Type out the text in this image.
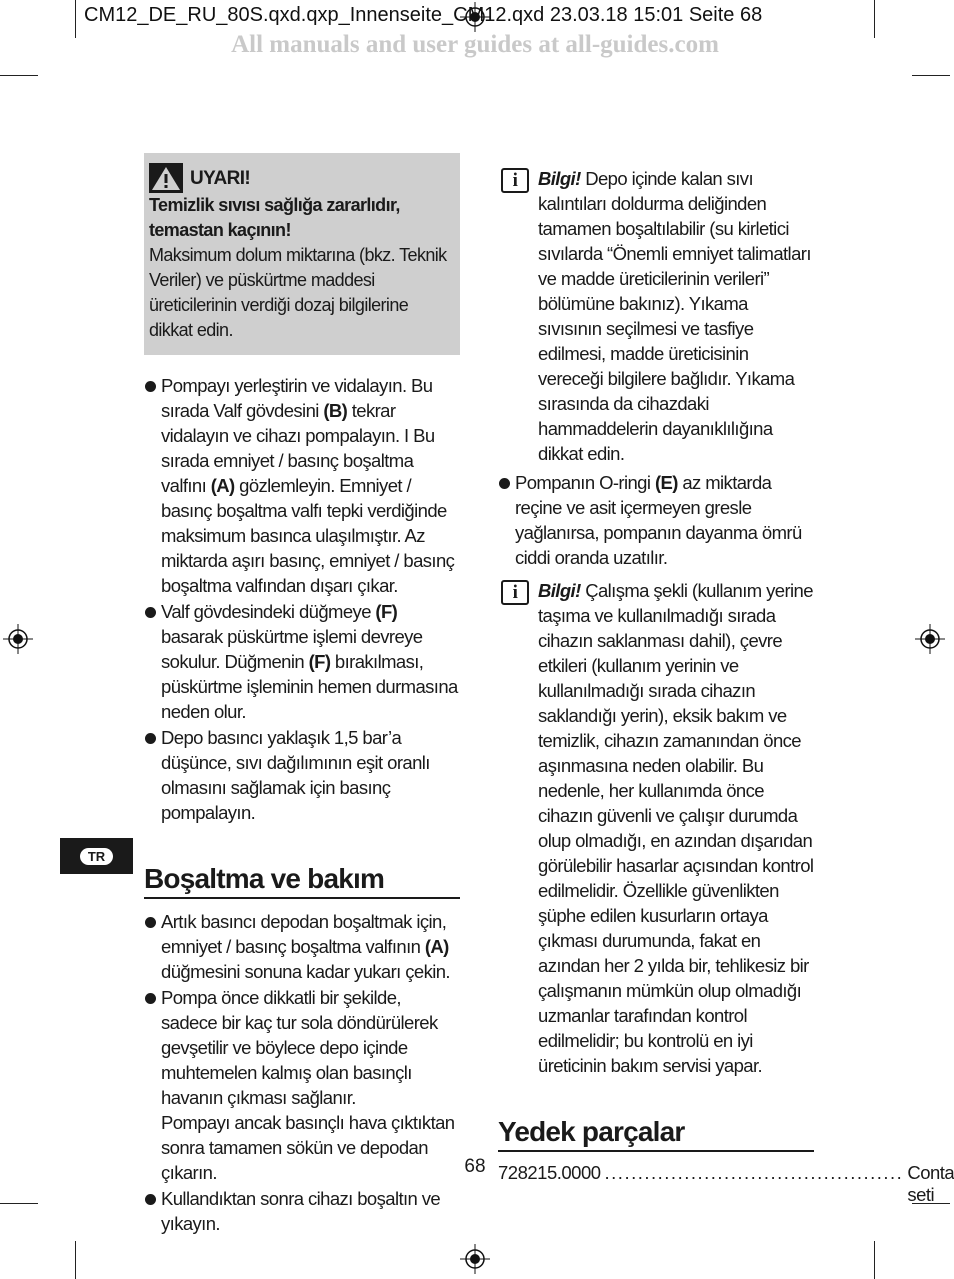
CM12_DE_RU_80S.qxd.qxp_Innenseite_CM12.qxd 23.03.18 15:01 Seite 68
All manuals and user guides at all-guides.com
UYARI!
Temizlik sıvısı sağlığa zararlıdır, temastan kaçının!
Maksimum dolum miktarına (bkz. Teknik Veriler) ve püskürtme maddesi üreticilerinin verdiği dozaj bilgilerine dikkat edin.
Pompayı yerleştirin ve vidalayın. Bu sırada Valf gövdesini (B) tekrar vidalayın ve cihazı pompalayın. I Bu sırada emniyet / basınç boşaltma valfını (A) gözlemleyin. Emniyet / basınç boşaltma valfı tepki verdiğinde maksimum basınca ulaşılmıştır. Az miktarda aşırı basınç, emniyet / basınç boşaltma valfından dışarı çıkar.
Valf gövdesindeki düğmeye (F) basarak püskürtme işlemi devreye sokulur. Düğmenin (F) bırakılması, püskürtme işleminin hemen durmasına neden olur.
Depo basıncı yaklaşık 1,5 bar’a düşünce, sıvı dağılımının eşit oranlı olmasını sağlamak için basınç pompalayın.
Boşaltma ve bakım
Artık basıncı depodan boşaltmak için, emniyet / basınç boşaltma valfının (A) düğmesini sonuna kadar yukarı çekin.
Pompa önce dikkatli bir şekilde, sadece bir kaç tur sola döndürülerek gevşetilir ve böylece depo içinde muhtemelen kalmış olan basınçlı havanın çıkması sağlanır.
Pompayı ancak basınçlı hava çıktıktan sonra tamamen sökün ve depodan çıkarın.
Kullandıktan sonra cihazı boşaltın ve yıkayın.
i	Bilgi! Depo içinde kalan sıvı kalıntıları doldurma deliğinden tamamen boşaltılabilir (su kirletici sıvılarda “Önemli emniyet talimatları ve madde üreticilerinin verileri” bölümüne bakınız). Yıkama sıvısının seçilmesi ve tasfiye edilmesi, madde üreticisinin vereceği bilgilere bağlıdır. Yıkama sırasında da cihazdaki hammaddelerin dayanıklılığına dikkat edin.
Pompanın O-ringi (E) az miktarda reçine ve asit içermeyen gresle yağlanırsa, pompanın dayanma ömrü ciddi oranda uzatılır.
i	Bilgi! Çalışma şekli (kullanım yerine taşıma ve kullanılmadığı sırada cihazın saklanması dahil), çevre etkileri (kullanım yerinin ve kullanılmadığı sırada cihazın saklandığı yerin), eksik bakım ve temizlik, cihazın zamanından önce aşınmasına neden olabilir. Bu nedenle, her kullanımda önce cihazın güvenli ve çalışır durumda olup olmadığı, en azından dışarıdan görülebilir hasarlar açısından kontrol edilmelidir. Özellikle güvenlikten şüphe edilen kusurların ortaya çıkması durumunda, fakat en azından her 2 yılda bir, tehlikesiz bir çalışmanın mümkün olup olmadığı uzmanlar tarafından kontrol edilmelidir; bu kontrolü en iyi üreticinin bakım servisi yapar.
Yedek parçalar
728215.0000 ............................................. Conta seti
TR
68
